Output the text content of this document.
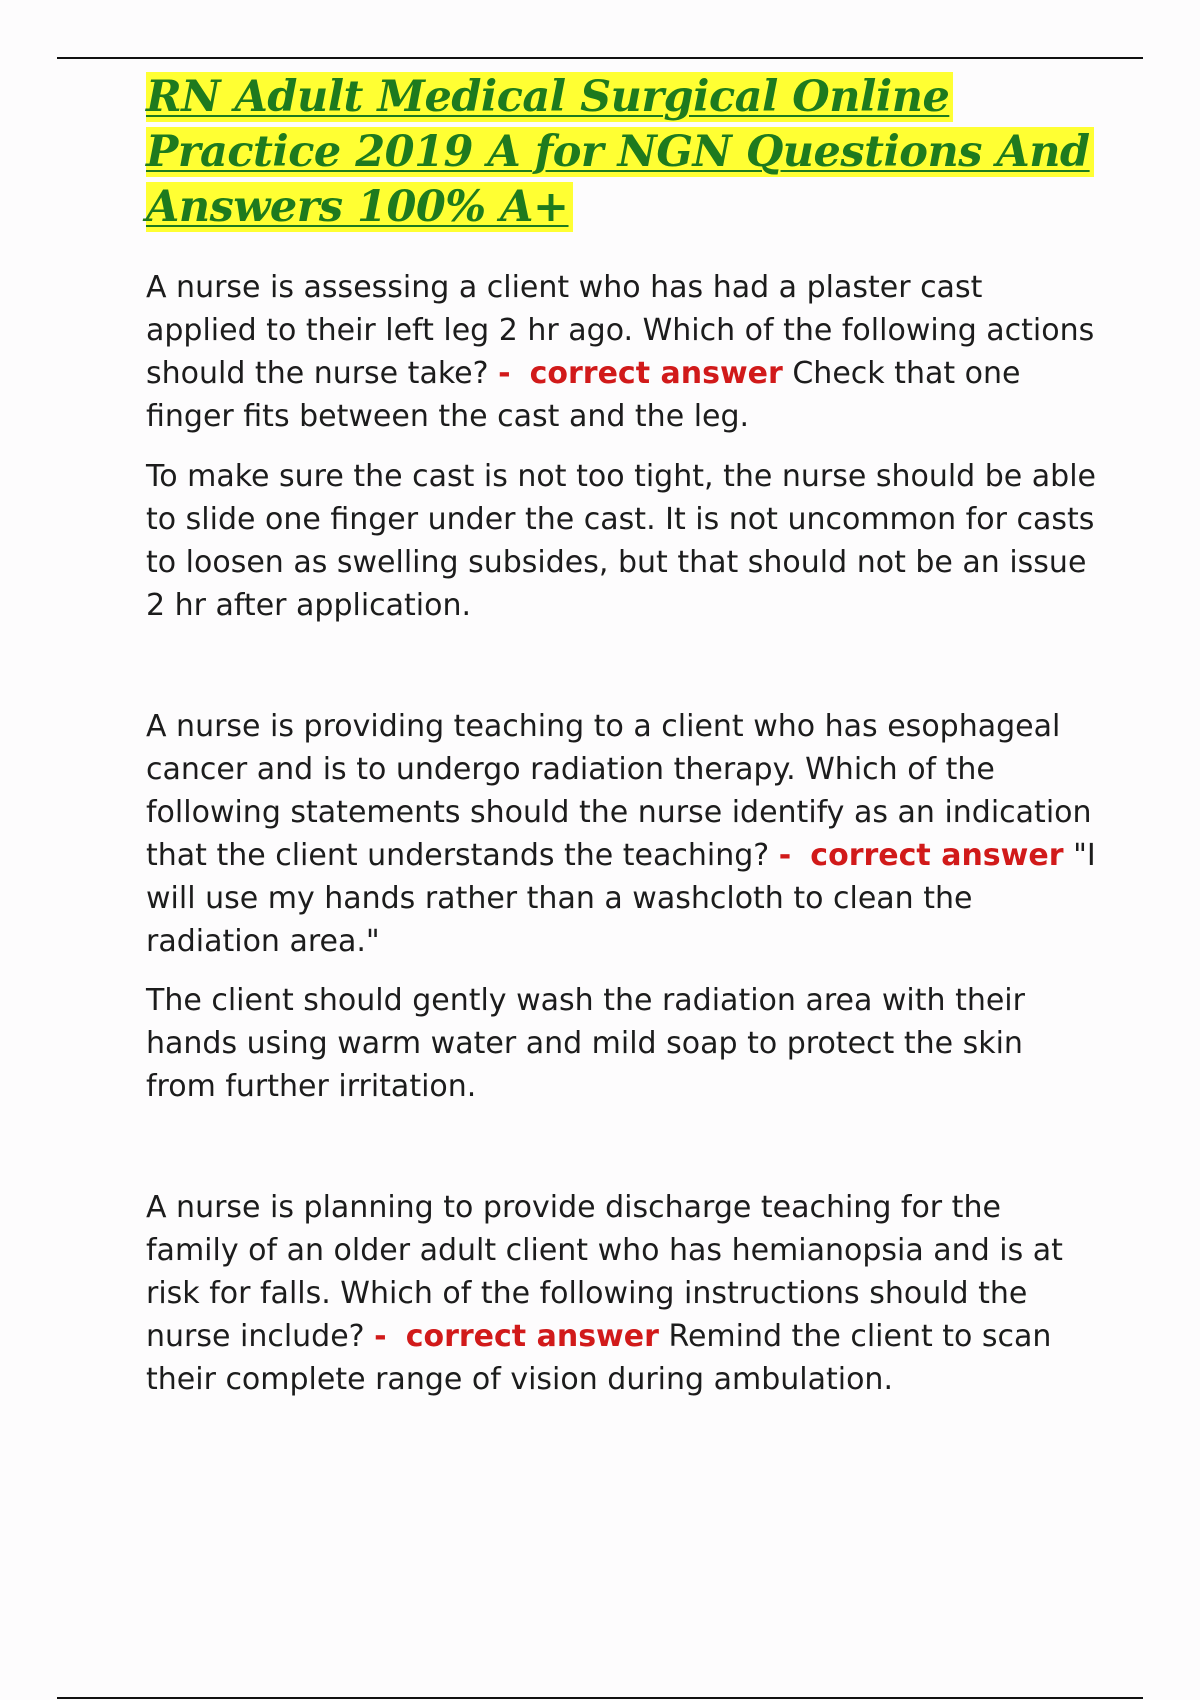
RN Adult Medical Surgical Online Practice 2019 A for NGN Questions And Answers 100% A+

A nurse is assessing a client who has had a plaster cast applied to their left leg 2 hr ago. Which of the following actions should the nurse take? - correct answer Check that one finger fits between the cast and the leg.

To make sure the cast is not too tight, the nurse should be able to slide one finger under the cast. It is not uncommon for casts to loosen as swelling subsides, but that should not be an issue 2 hr after application.

A nurse is providing teaching to a client who has esophageal cancer and is to undergo radiation therapy. Which of the following statements should the nurse identify as an indication that the client understands the teaching? - correct answer "I will use my hands rather than a washcloth to clean the radiation area."

The client should gently wash the radiation area with their hands using warm water and mild soap to protect the skin from further irritation.

A nurse is planning to provide discharge teaching for the family of an older adult client who has hemianopsia and is at risk for falls. Which of the following instructions should the nurse include? - correct answer Remind the client to scan their complete range of vision during ambulation.
